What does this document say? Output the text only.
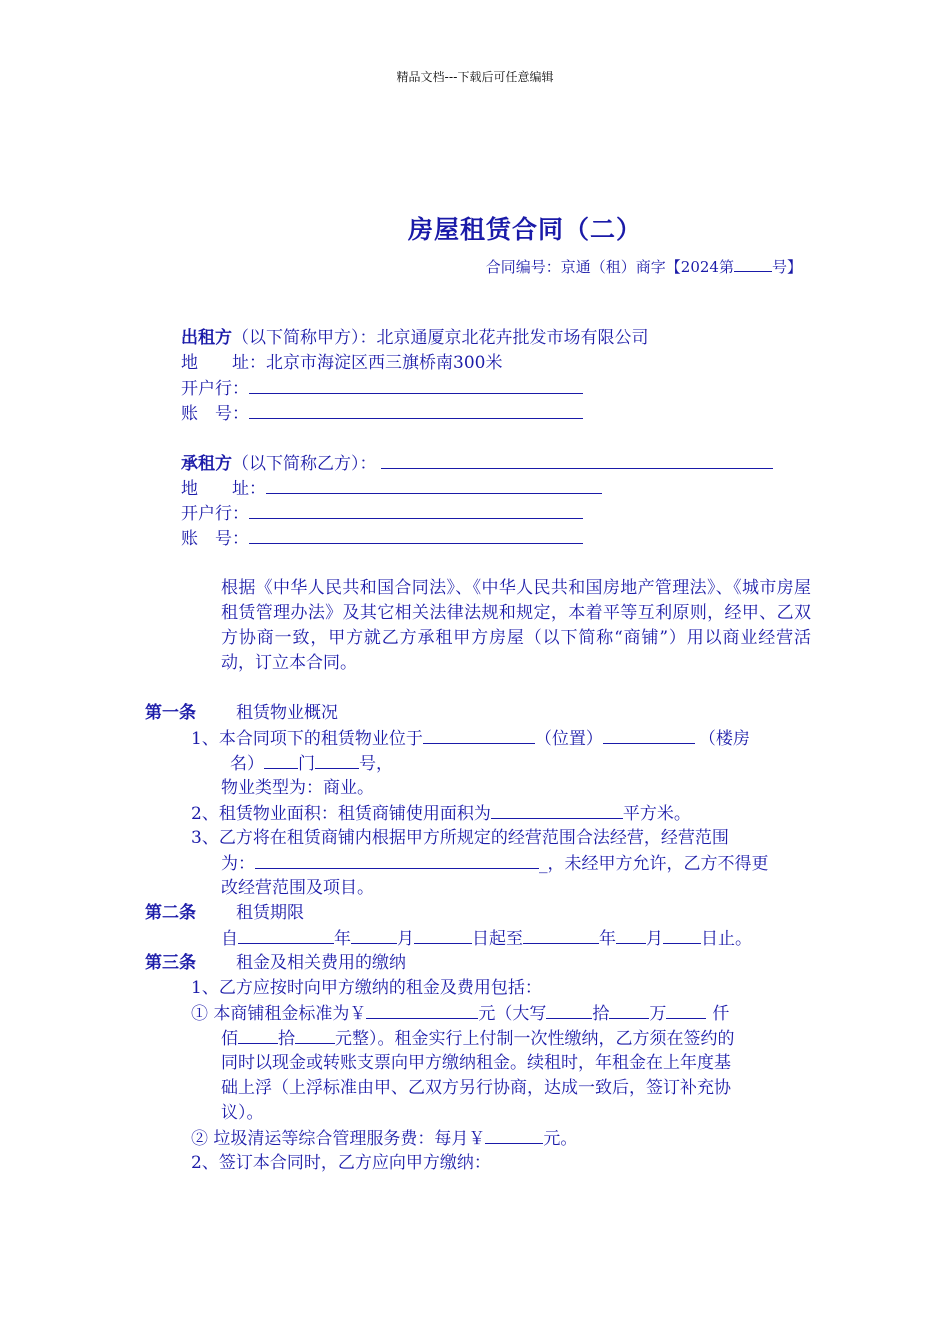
精品文档---下载后可任意编辑
房屋租赁合同（二）
合同编号：京通（租）商字【2024第	号】
出租方（以下简称甲方）：北京通厦京北花卉批发市场有限公司
地　　址：北京市海淀区西三旗桥南300米
开户行：
账　号：
承租方（以下简称乙方）：
地　　址：
开户行：
账　号：
根据《中华人民共和国合同法》、《中华人民共和国房地产管理法》、《城市房屋租赁管理办法》及其它相关法律法规和规定，本着平等互利原则，经甲、乙双方协商一致，甲方就乙方承租甲方房屋（以下简称“商铺”）用以商业经营活动，订立本合同。
第一条 租赁物业概况
1、本合同项下的租赁物业位于	（位置）	（楼房
名） 门	号，
物业类型为：商业。
2、租赁物业面积：租赁商铺使用面积为	平方米。
3、乙方将在租赁商铺内根据甲方所规定的经营范围合法经营，经营范围
为：	_，未经甲方允许，乙方不得更
改经营范围及项目。
第二条 租赁期限
自	年	月	日起至	年 月 日止。
第三条 租金及相关费用的缴纳
1、乙方应按时向甲方缴纳的租金及费用包括：
① 本商铺租金标准为￥	元（大写	拾 万	仟
佰 拾 元整）。租金实行上付制一次性缴纳，乙方须在签约的
同时以现金或转账支票向甲方缴纳租金。续租时，年租金在上年度基
础上浮（上浮标准由甲、乙双方另行协商，达成一致后，签订补充协
议）。
② 垃圾清运等综合管理服务费：每月￥	元。
2、签订本合同时，乙方应向甲方缴纳：
